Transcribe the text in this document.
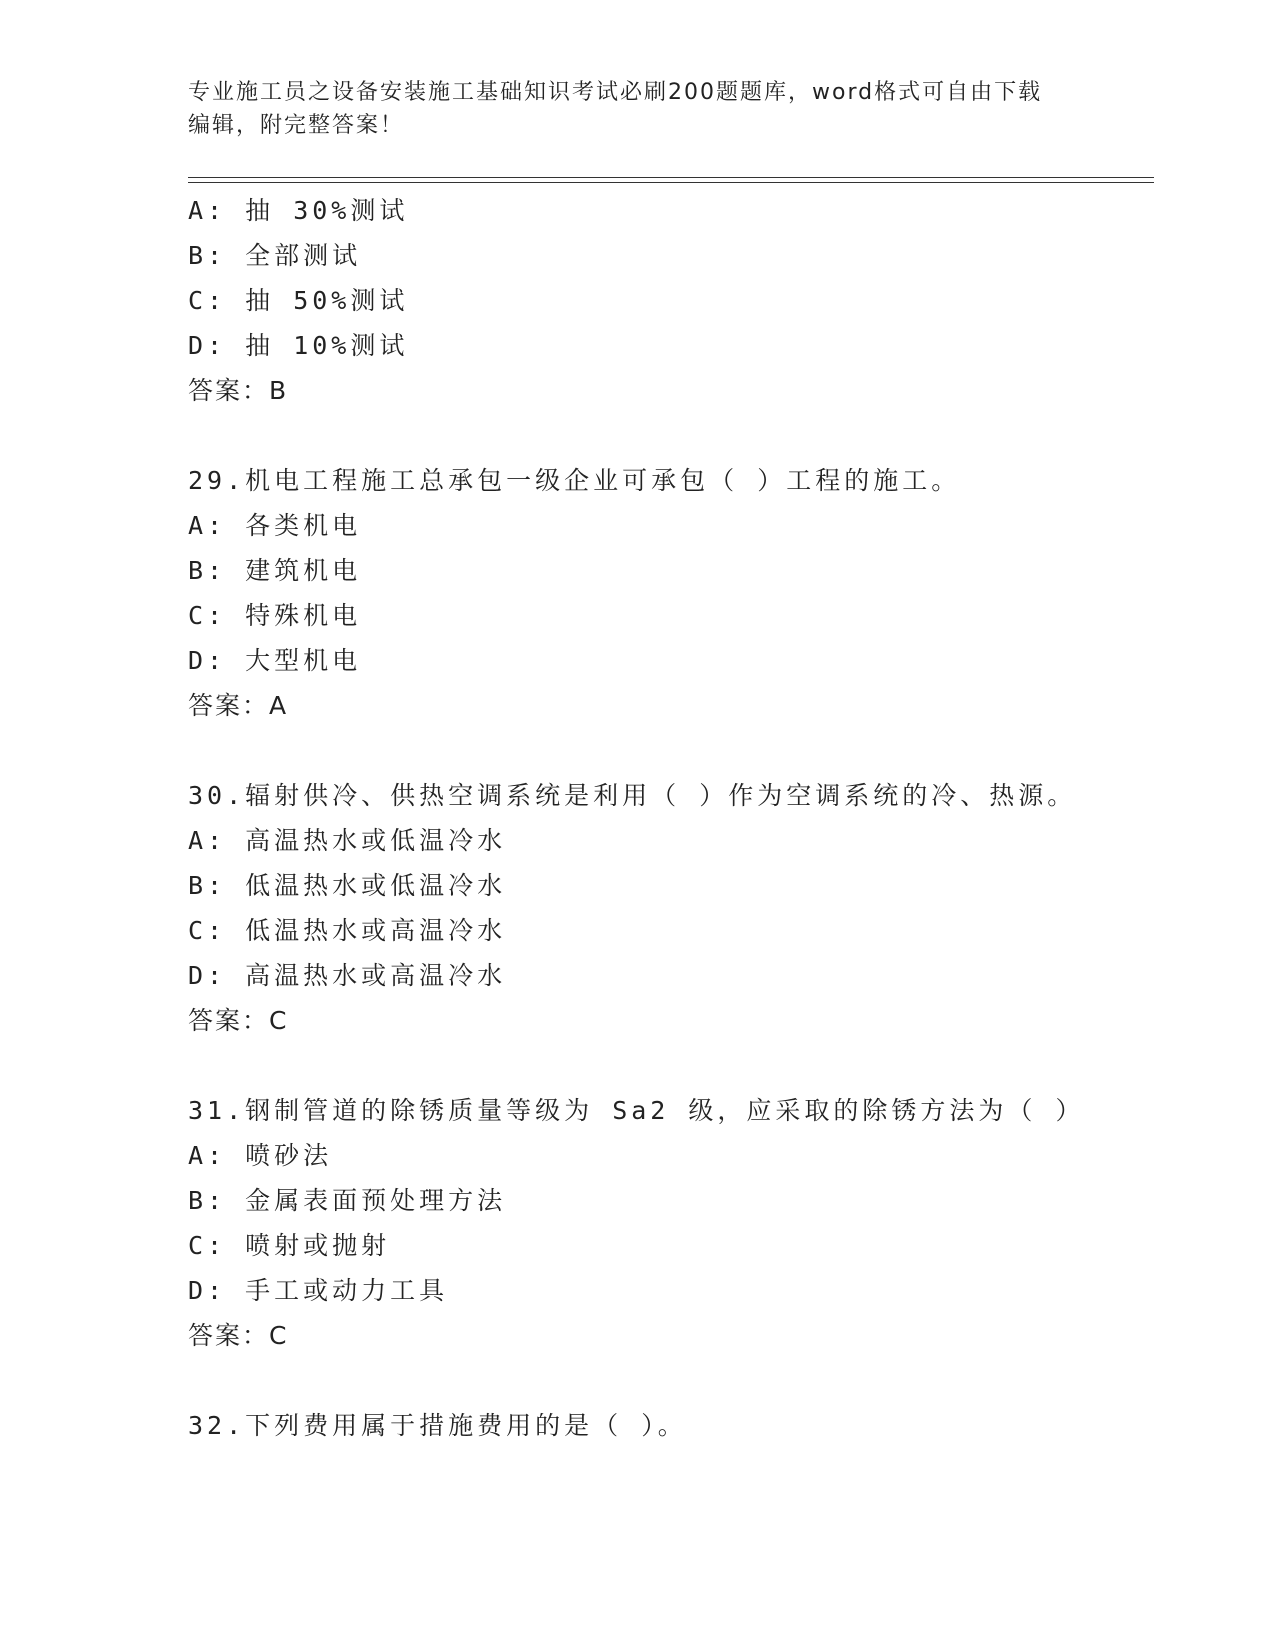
专业施工员之设备安装施工基础知识考试必刷200题题库，word格式可自由下载
编辑，附完整答案！
A: 抽 30%测试
B: 全部测试
C: 抽 50%测试
D: 抽 10%测试
答案：B
29.机电工程施工总承包一级企业可承包（ ）工程的施工。
A: 各类机电
B: 建筑机电
C: 特殊机电
D: 大型机电
答案：A
30.辐射供冷、供热空调系统是利用（ ）作为空调系统的冷、热源。
A: 高温热水或低温冷水
B: 低温热水或低温冷水
C: 低温热水或高温冷水
D: 高温热水或高温冷水
答案：C
31.钢制管道的除锈质量等级为 Sa2 级，应采取的除锈方法为（ ）
A: 喷砂法
B: 金属表面预处理方法
C: 喷射或抛射
D: 手工或动力工具
答案：C
32.下列费用属于措施费用的是（ ）。
